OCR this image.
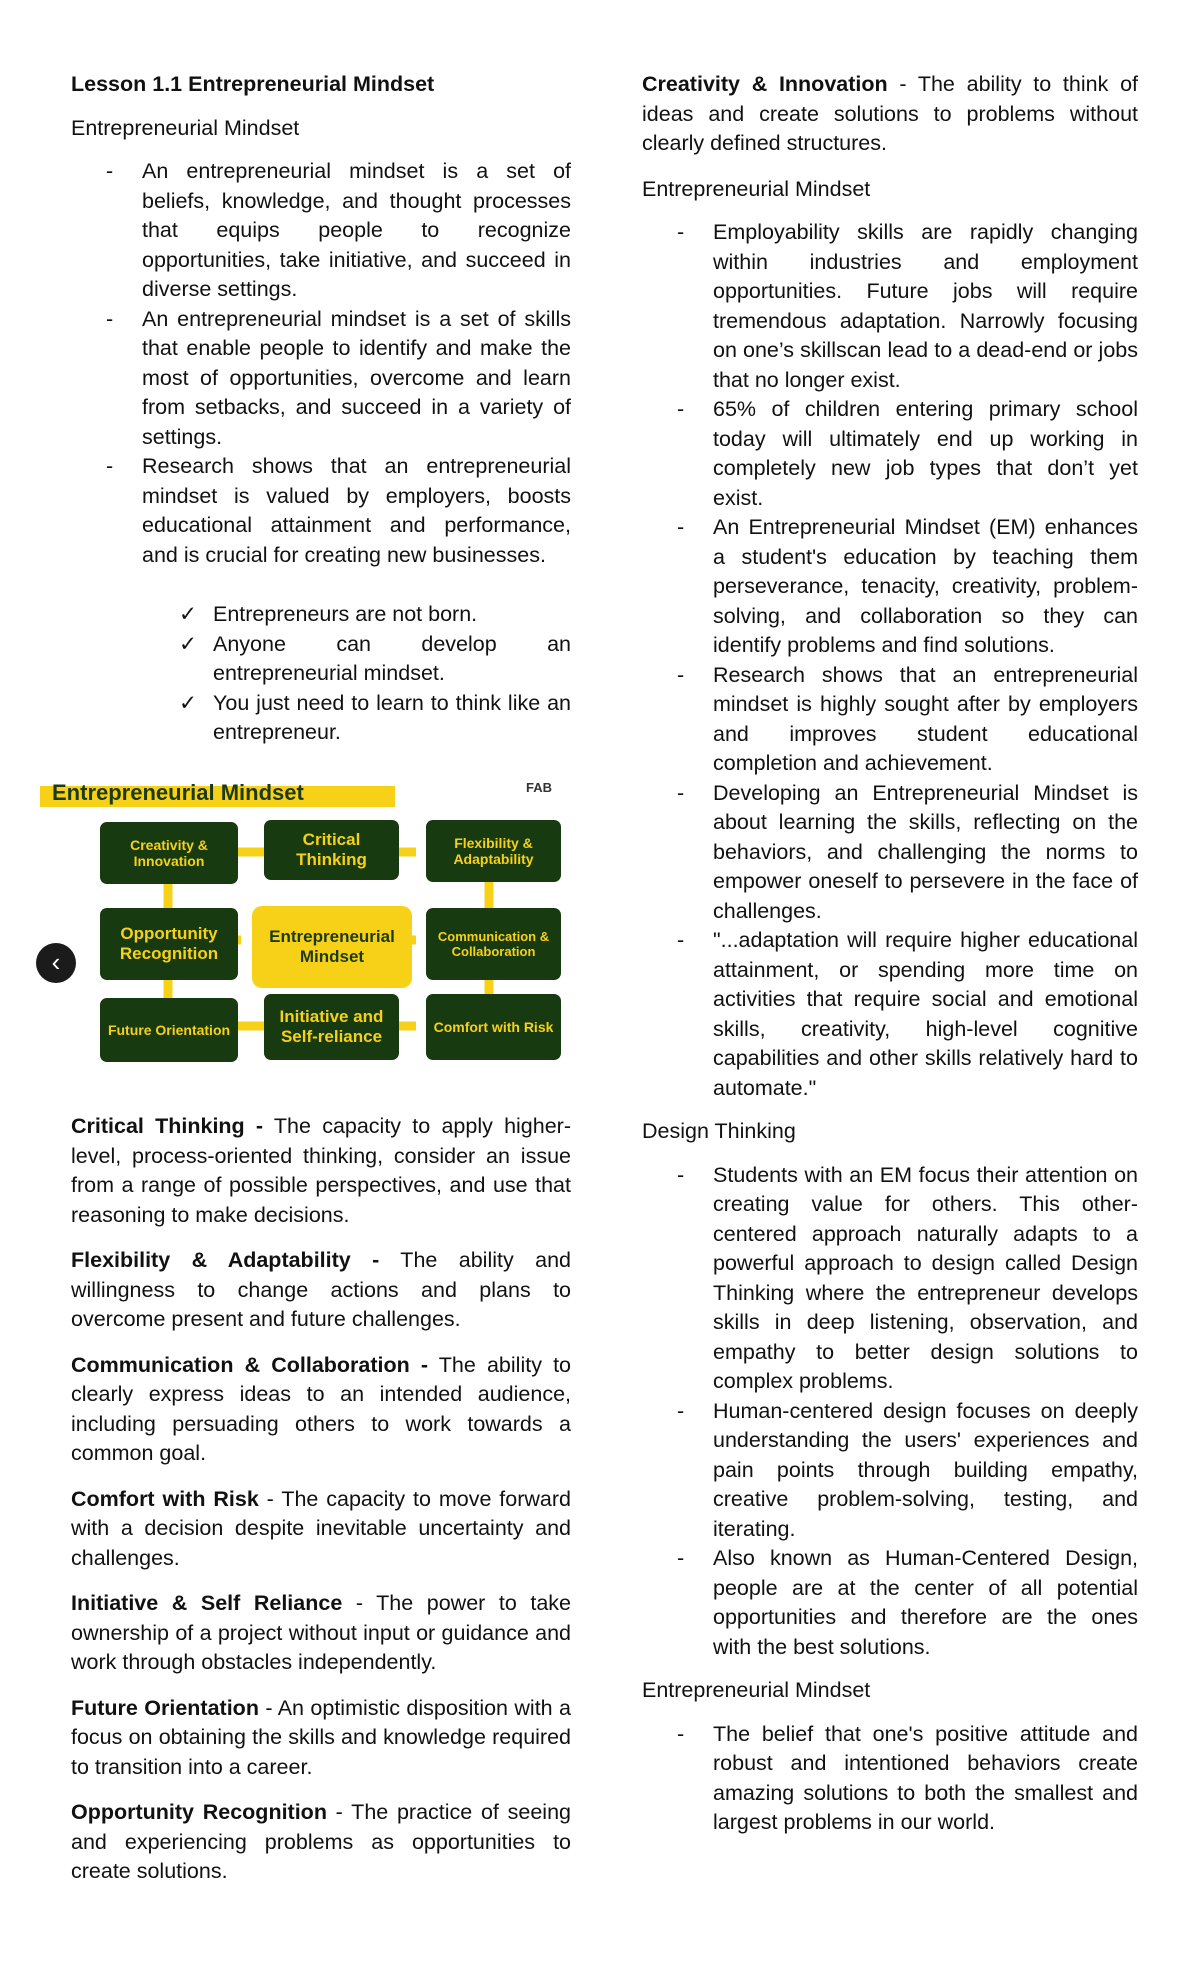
Lesson 1.1 Entrepreneurial Mindset
Entrepreneurial Mindset
- An entrepreneurial mindset is a set of beliefs, knowledge, and thought processes that equips people to recognize opportunities, take initiative, and succeed in diverse settings.
- An entrepreneurial mindset is a set of skills that enable people to identify and make the most of opportunities, overcome and learn from setbacks, and succeed in a variety of settings.
- Research shows that an entrepreneurial mindset is valued by employers, boosts educational attainment and performance, and is crucial for creating new businesses.
✓ Entrepreneurs are not born.
✓ Anyone can develop an entrepreneurial mindset.
✓ You just need to learn to think like an entrepreneur.
Entrepreneurial Mindset	FAB
Creativity & Innovation
Critical Thinking
Flexibility & Adaptability
Opportunity Recognition
Entrepreneurial Mindset
Communication & Collaboration
Future Orientation
Initiative and Self-reliance	Comfort with Risk
‹

Critical Thinking - The capacity to apply higher-level, process-oriented thinking, consider an issue from a range of possible perspectives, and use that reasoning to make decisions.

Flexibility & Adaptability - The ability and willingness to change actions and plans to overcome present and future challenges.

Communication & Collaboration - The ability to clearly express ideas to an intended audience, including persuading others to work towards a common goal.

Comfort with Risk - The capacity to move forward with a decision despite inevitable uncertainty and challenges.

Initiative & Self Reliance - The power to take ownership of a project without input or guidance and work through obstacles independently.

Future Orientation - An optimistic disposition with a focus on obtaining the skills and knowledge required to transition into a career.

Opportunity Recognition - The practice of seeing and experiencing problems as opportunities to create solutions.

Creativity & Innovation - The ability to think of ideas and create solutions to problems without clearly defined structures.

Entrepreneurial Mindset
- Employability skills are rapidly changing within industries and employment opportunities. Future jobs will require tremendous adaptation. Narrowly focusing on one’s skillscan lead to a dead-end or jobs that no longer exist.
- 65% of children entering primary school today will ultimately end up working in completely new job types that don’t yet exist.
- An Entrepreneurial Mindset (EM) enhances a student's education by teaching them perseverance, tenacity, creativity, problem-solving, and collaboration so they can identify problems and find solutions.
- Research shows that an entrepreneurial mindset is highly sought after by employers and improves student educational completion and achievement.
- Developing an Entrepreneurial Mindset is about learning the skills, reflecting on the behaviors, and challenging the norms to empower oneself to persevere in the face of challenges.
- "...adaptation will require higher educational attainment, or spending more time on activities that require social and emotional skills, creativity, high-level cognitive capabilities and other skills relatively hard to automate."
Design Thinking
- Students with an EM focus their attention on creating value for others. This other-centered approach naturally adapts to a powerful approach to design called Design Thinking where the entrepreneur develops skills in deep listening, observation, and empathy to better design solutions to complex problems.
- Human-centered design focuses on deeply understanding the users' experiences and pain points through building empathy, creative problem-solving, testing, and iterating.
- Also known as Human-Centered Design, people are at the center of all potential opportunities and therefore are the ones with the best solutions.
Entrepreneurial Mindset
- The belief that one's positive attitude and robust and intentioned behaviors create amazing solutions to both the smallest and largest problems in our world.
